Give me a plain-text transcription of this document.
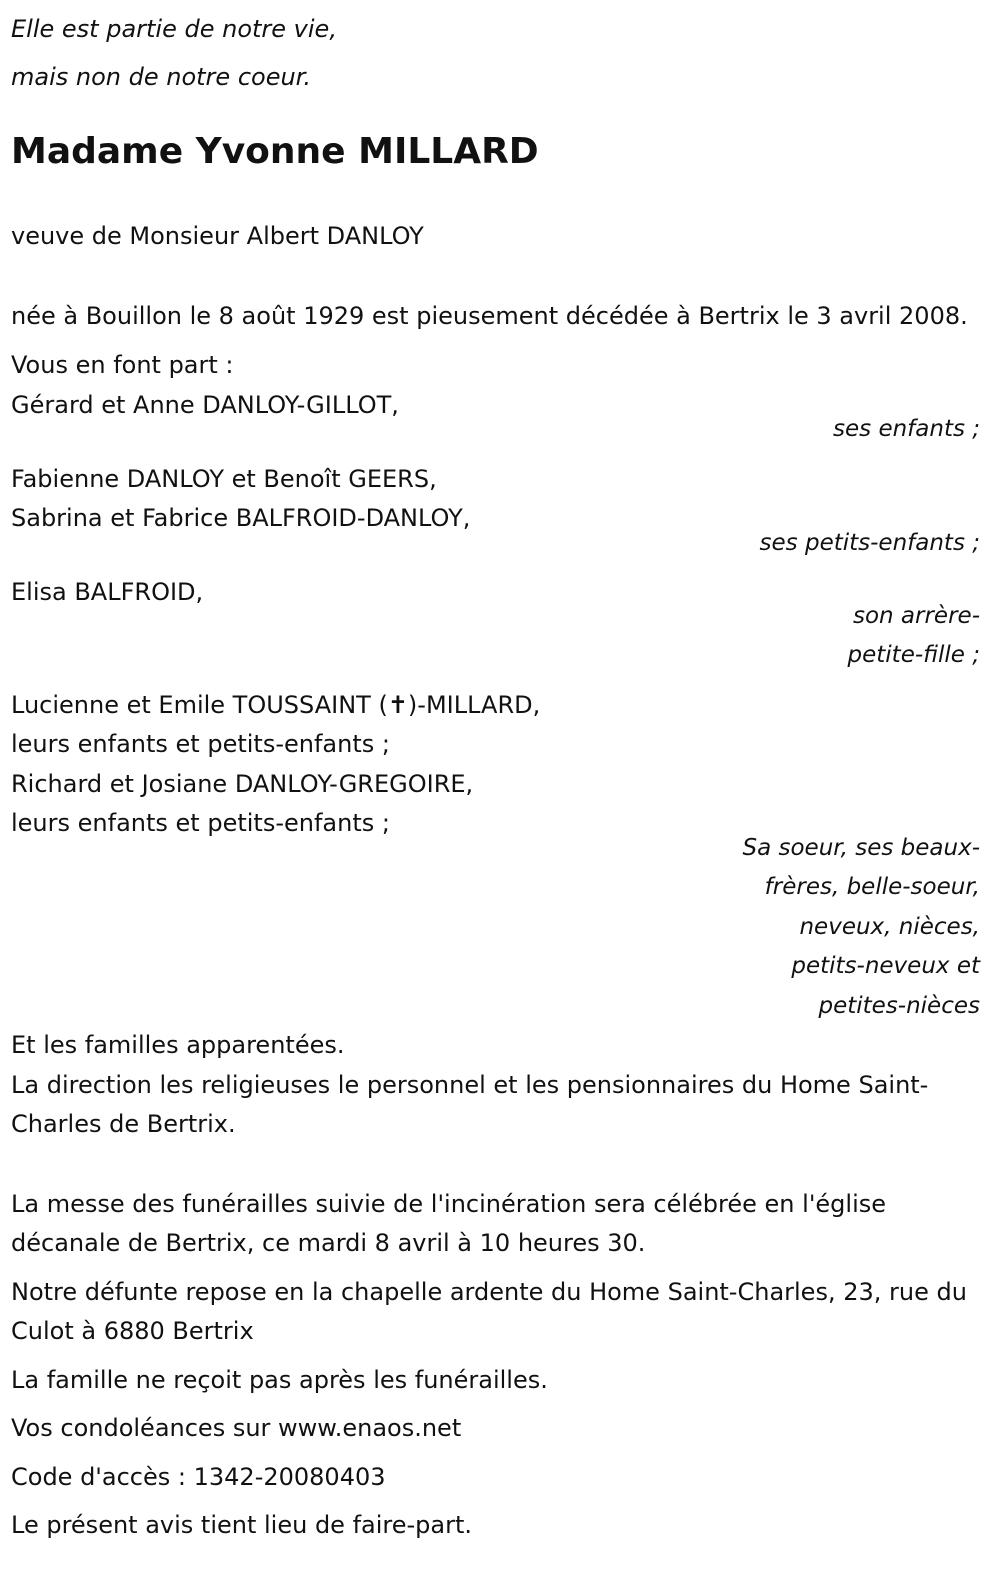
Elle est partie de notre vie,

mais non de notre coeur.

Madame Yvonne MILLARD

veuve de Monsieur Albert DANLOY

née à Bouillon le 8 août 1929 est pieusement décédée à Bertrix le 3 avril 2008.

Vous en font part :

Gérard et Anne DANLOY-GILLOT,

ses enfants ;

Fabienne DANLOY et Benoît GEERS,

Sabrina et Fabrice BALFROID-DANLOY,

ses petits-enfants ;

Elisa BALFROID,

son arrère-

petite-fille ;

Lucienne et Emile TOUSSAINT (✝)-MILLARD,

leurs enfants et petits-enfants ;

Richard et Josiane DANLOY-GREGOIRE,

leurs enfants et petits-enfants ;

Sa soeur, ses beaux-

frères, belle-soeur,

neveux, nièces,

petits-neveux et

petites-nièces

Et les familles apparentées.

La direction les religieuses le personnel et les pensionnaires du Home Saint-Charles de Bertrix.

La messe des funérailles suivie de l'incinération sera célébrée en l'église décanale de Bertrix, ce mardi 8 avril à 10 heures 30.

Notre défunte repose en la chapelle ardente du Home Saint-Charles, 23, rue du Culot à 6880 Bertrix

La famille ne reçoit pas après les funérailles.

Vos condoléances sur www.enaos.net

Code d'accès : 1342-20080403

Le présent avis tient lieu de faire-part.
